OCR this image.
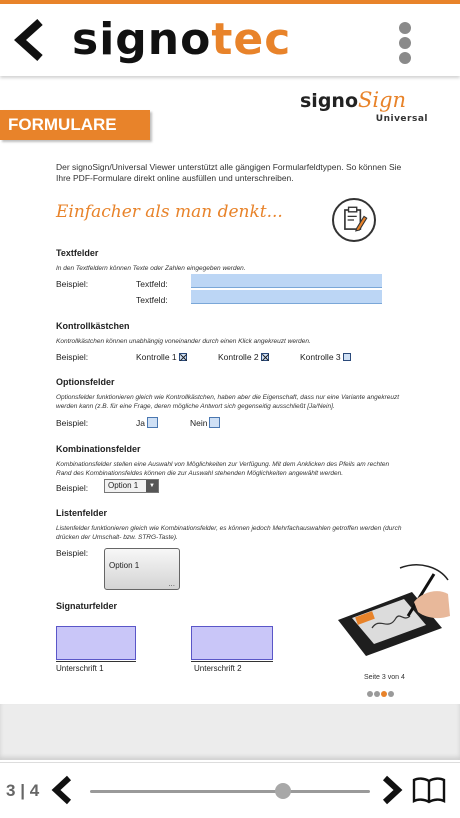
signotec
signoSign
Universal
FORMULARE
Der signoSign/Universal Viewer unterstützt alle gängigen Formularfeldtypen. So können Sie Ihre PDF-Formulare direkt online ausfüllen und unterschreiben.
Einfacher als man denkt...
Textfelder
In den Textfeldern können Texte oder Zahlen eingegeben werden.
Beispiel:	Textfeld:
Textfeld:
Kontrollkästchen
Kontrollkästchen können unabhängig voneinander durch einen Klick angekreuzt werden.
Beispiel:	Kontrolle 1	Kontrolle 2	Kontrolle 3
Optionsfelder
Optionsfelder funktionieren gleich wie Kontrollkästchen, haben aber die Eigenschaft, dass nur eine Variante angekreuzt werden kann (z.B. für eine Frage, deren mögliche Antwort sich gegenseitig ausschließt [Ja/Nein].
Beispiel:	Ja	Nein
Kombinationsfelder
Kombinationsfelder stellen eine Auswahl von Möglichkeiten zur Verfügung. Mit dem Anklicken des Pfeils am rechten Rand des Kombinationsfeldes können die zur Auswahl stehenden Möglichkeiten angewählt werden.
Beispiel:	Option 1	▼
Listenfelder
Listenfelder funktionieren gleich wie Kombinationsfelder, es können jedoch Mehrfachauswahlen getroffen werden (durch drücken der Umschalt- bzw. STRG-Taste).
Beispiel:
Option 1
...
Signaturfelder
Unterschrift 1	Unterschrift 2
Seite 3 von 4
3 | 4
